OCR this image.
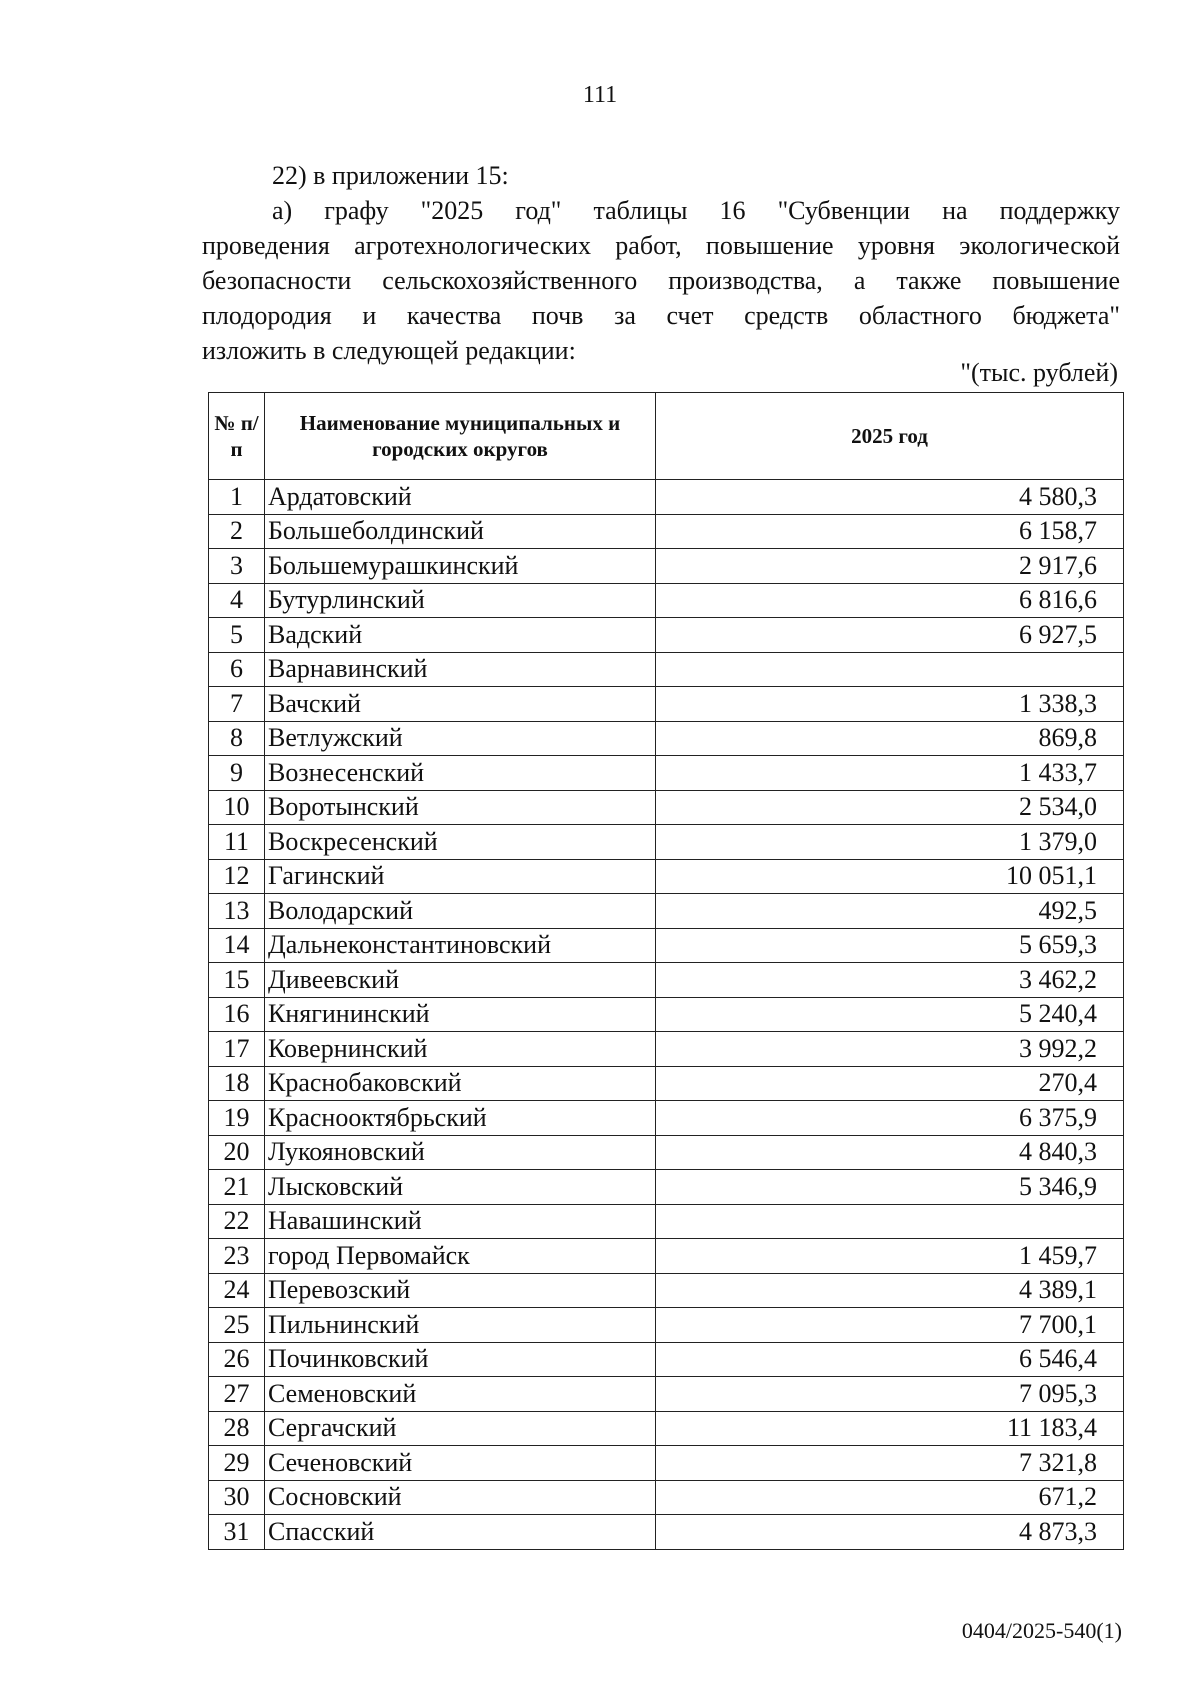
111
22) в приложении 15:
а) графу "2025 год" таблицы 16 "Субвенции на поддержку
проведения агротехнологических работ, повышение уровня экологической
безопасности сельскохозяйственного производства, а также повышение
плодородия и качества почв за счет средств областного бюджета"
изложить в следующей редакции:
"(тыс. рублей)
№ п/п	Наименование муниципальных и городских округов	2025 год
1	Ардатовский	4 580,3
2	Большеболдинский	6 158,7
3	Большемурашкинский	2 917,6
4	Бутурлинский	6 816,6
5	Вадский	6 927,5
6	Варнавинский	
7	Вачский	1 338,3
8	Ветлужский	869,8
9	Вознесенский	1 433,7
10	Воротынский	2 534,0
11	Воскресенский	1 379,0
12	Гагинский	10 051,1
13	Володарский	492,5
14	Дальнеконстантиновский	5 659,3
15	Дивеевский	3 462,2
16	Княгининский	5 240,4
17	Ковернинский	3 992,2
18	Краснобаковский	270,4
19	Краснооктябрьский	6 375,9
20	Лукояновский	4 840,3
21	Лысковский	5 346,9
22	Навашинский	
23	город Первомайск	1 459,7
24	Перевозский	4 389,1
25	Пильнинский	7 700,1
26	Починковский	6 546,4
27	Семеновский	7 095,3
28	Сергачский	11 183,4
29	Сеченовский	7 321,8
30	Сосновский	671,2
31	Спасский	4 873,3
0404/2025-540(1)
